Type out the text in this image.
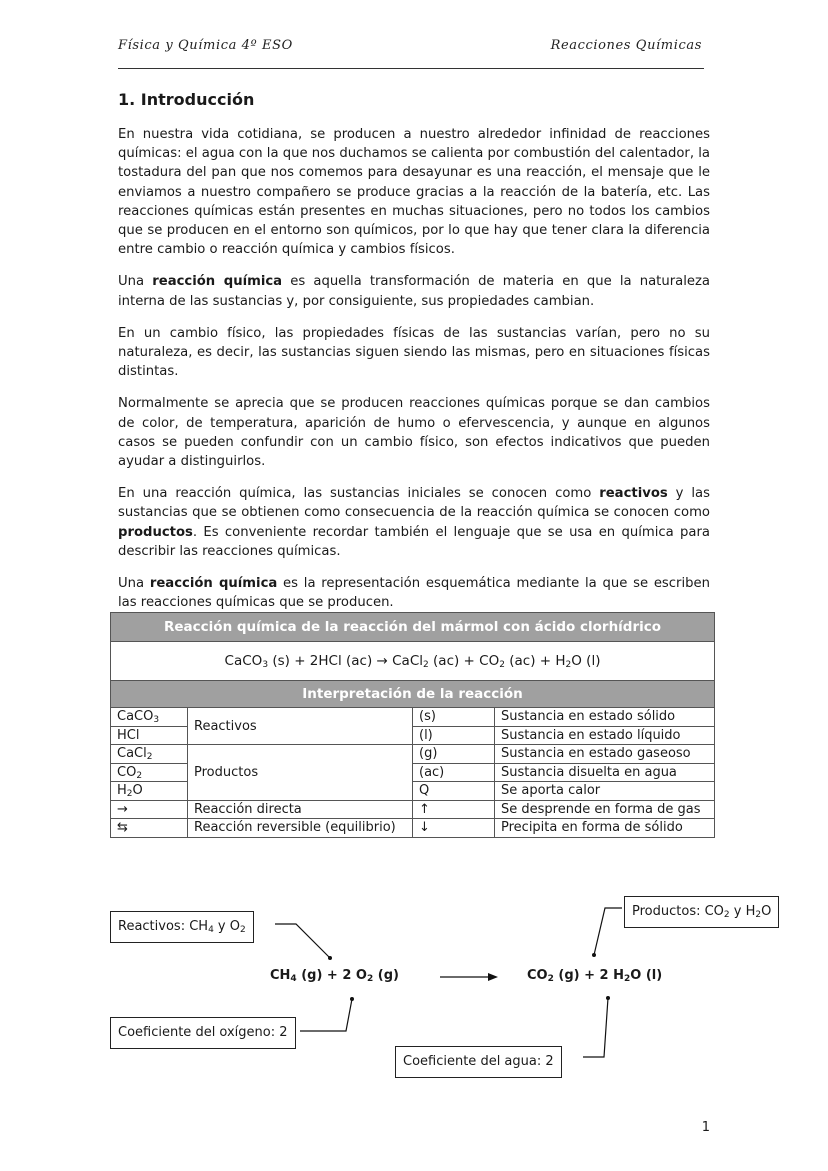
Física y Química 4º ESO	Reacciones Químicas
1. Introducción

En nuestra vida cotidiana, se producen a nuestro alrededor infinidad de reacciones químicas: el agua con la que nos duchamos se calienta por combustión del calentador, la tostadura del pan que nos comemos para desayunar es una reacción, el mensaje que le enviamos a nuestro compañero se produce gracias a la reacción de la batería, etc. Las reacciones químicas están presentes en muchas situaciones, pero no todos los cambios que se producen en el entorno son químicos, por lo que hay que tener clara la diferencia entre cambio o reacción química y cambios físicos.

Una reacción química es aquella transformación de materia en que la naturaleza interna de las sustancias y, por consiguiente, sus propiedades cambian.

En un cambio físico, las propiedades físicas de las sustancias varían, pero no su naturaleza, es decir, las sustancias siguen siendo las mismas, pero en situaciones físicas distintas.

Normalmente se aprecia que se producen reacciones químicas porque se dan cambios de color, de temperatura, aparición de humo o efervescencia, y aunque en algunos casos se pueden confundir con un cambio físico, son efectos indicativos que pueden ayudar a distinguirlos.

En una reacción química, las sustancias iniciales se conocen como reactivos y las sustancias que se obtienen como consecuencia de la reacción química se conocen como productos. Es conveniente recordar también el lenguaje que se usa en química para describir las reacciones químicas.

Una reacción química es la representación esquemática mediante la que se escriben las reacciones químicas que se producen.

Reacción química de la reacción del mármol con ácido clorhídrico			
CaCO$_3$ (s) + 2HCl (ac) → CaCl$_2$ $(ac) + CO_2$ $(ac) + H_2O$ (l)			
Interpretación de la reacción			
CaCO$_3$	Reactivos	(s)	Sustancia en estado sólido
HCl		(l)	Sustancia en estado líquido
CaCl$_2$	Productos	(g)	Sustancia en estado gaseoso
$CO_2$		(ac)	Sustancia disuelta en agua
$H_2O$		Q	Se aporta calor
→	Reacción directa	↑	Se desprende en forma de gas
⇆	Reacción reversible (equilibrio)	↓	Precipita en forma de sólido
Reactivos: $CH_4$ y $O_2$
Productos: $CO_2$ y $H_2O$
$CH_4$ (g) + 2 $O_2$ (g)	$CO_2$ (g) + 2 $H_2O$ (l)
Coeficiente del oxígeno: 2
Coeficiente del agua: 2
1
